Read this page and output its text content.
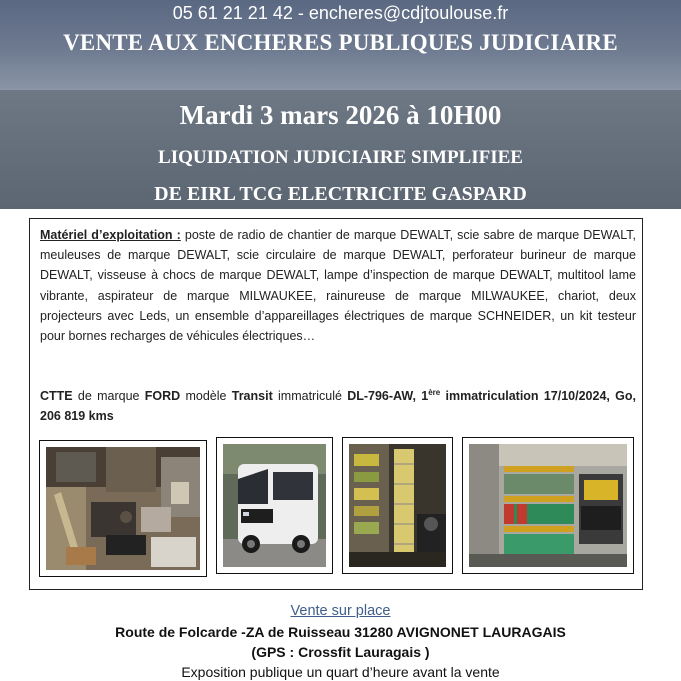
05 61 21 21 42 - encheres@cdjtoulouse.fr
VENTE AUX ENCHERES PUBLIQUES JUDICIAIRE
Mardi 3 mars 2026 à 10H00
LIQUIDATION JUDICIAIRE SIMPLIFIEE
DE EIRL TCG ELECTRICITE GASPARD
Matériel d’exploitation : poste de radio de chantier de marque DEWALT, scie sabre de marque DEWALT, meuleuses de marque DEWALT, scie circulaire de marque DEWALT, perforateur burineur de marque DEWALT, visseuse à chocs de marque DEWALT, lampe d’inspection de marque DEWALT, multitool lame vibrante, aspirateur de marque MILWAUKEE, rainureuse de marque MILWAUKEE, chariot, deux projecteurs avec Leds, un ensemble d’appareillages électriques de marque SCHNEIDER, un kit testeur pour bornes recharges de véhicules électriques…
CTTE de marque FORD modèle Transit immatriculé DL-796-AW, 1ère immatriculation 17/10/2024, Go, 206 819 kms
Vente sur place
Route de Folcarde -ZA de Ruisseau 31280 AVIGNONET LAURAGAIS
(GPS : Crossfit Lauragais )
Exposition publique un quart d’heure avant la vente
